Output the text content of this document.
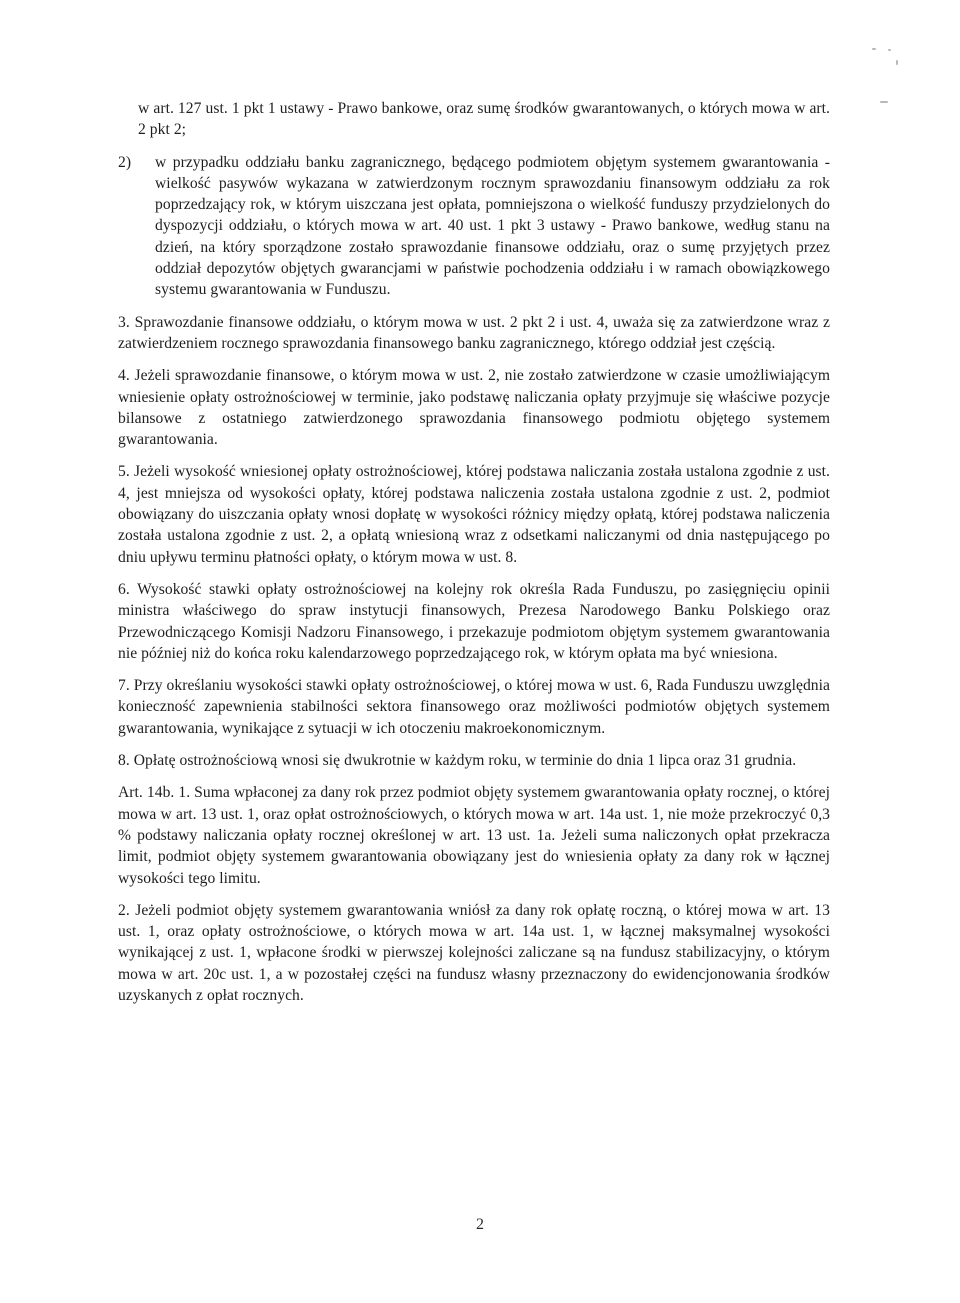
w art. 127 ust. 1 pkt 1 ustawy - Prawo bankowe, oraz sumę środków gwarantowanych, o których mowa w art. 2 pkt 2;

2)	w przypadku oddziału banku zagranicznego, będącego podmiotem objętym systemem gwarantowania - wielkość pasywów wykazana w zatwierdzonym rocznym sprawozdaniu finansowym oddziału za rok poprzedzający rok, w którym uiszczana jest opłata, pomniejszona o wielkość funduszy przydzielonych do dyspozycji oddziału, o których mowa w art. 40 ust. 1 pkt 3 ustawy - Prawo bankowe, według stanu na dzień, na który sporządzone zostało sprawozdanie finansowe oddziału, oraz o sumę przyjętych przez oddział depozytów objętych gwarancjami w państwie pochodzenia oddziału i w ramach obowiązkowego systemu gwarantowania w Funduszu.

3. Sprawozdanie finansowe oddziału, o którym mowa w ust. 2 pkt 2 i ust. 4, uważa się za zatwierdzone wraz z zatwierdzeniem rocznego sprawozdania finansowego banku zagranicznego, którego oddział jest częścią.

4. Jeżeli sprawozdanie finansowe, o którym mowa w ust. 2, nie zostało zatwierdzone w czasie umożliwiającym wniesienie opłaty ostrożnościowej w terminie, jako podstawę naliczania opłaty przyjmuje się właściwe pozycje bilansowe z ostatniego zatwierdzonego sprawozdania finansowego podmiotu objętego systemem gwarantowania.

5. Jeżeli wysokość wniesionej opłaty ostrożnościowej, której podstawa naliczania została ustalona zgodnie z ust. 4, jest mniejsza od wysokości opłaty, której podstawa naliczenia została ustalona zgodnie z ust. 2, podmiot obowiązany do uiszczania opłaty wnosi dopłatę w wysokości różnicy między opłatą, której podstawa naliczenia została ustalona zgodnie z ust. 2, a opłatą wniesioną wraz z odsetkami naliczanymi od dnia następującego po dniu upływu terminu płatności opłaty, o którym mowa w ust. 8.

6. Wysokość stawki opłaty ostrożnościowej na kolejny rok określa Rada Funduszu, po zasięgnięciu opinii ministra właściwego do spraw instytucji finansowych, Prezesa Narodowego Banku Polskiego oraz Przewodniczącego Komisji Nadzoru Finansowego, i przekazuje podmiotom objętym systemem gwarantowania nie później niż do końca roku kalendarzowego poprzedzającego rok, w którym opłata ma być wniesiona.

7. Przy określaniu wysokości stawki opłaty ostrożnościowej, o której mowa w ust. 6, Rada Funduszu uwzględnia konieczność zapewnienia stabilności sektora finansowego oraz możliwości podmiotów objętych systemem gwarantowania, wynikające z sytuacji w ich otoczeniu makroekonomicznym.

8. Opłatę ostrożnościową wnosi się dwukrotnie w każdym roku, w terminie do dnia 1 lipca oraz 31 grudnia.

Art. 14b. 1. Suma wpłaconej za dany rok przez podmiot objęty systemem gwarantowania opłaty rocznej, o której mowa w art. 13 ust. 1, oraz opłat ostrożnościowych, o których mowa w art. 14a ust. 1, nie może przekroczyć 0,3 % podstawy naliczania opłaty rocznej określonej w art. 13 ust. 1a. Jeżeli suma naliczonych opłat przekracza limit, podmiot objęty systemem gwarantowania obowiązany jest do wniesienia opłaty za dany rok w łącznej wysokości tego limitu.

2. Jeżeli podmiot objęty systemem gwarantowania wniósł za dany rok opłatę roczną, o której mowa w art. 13 ust. 1, oraz opłaty ostrożnościowe, o których mowa w art. 14a ust. 1, w łącznej maksymalnej wysokości wynikającej z ust. 1, wpłacone środki w pierwszej kolejności zaliczane są na fundusz stabilizacyjny, o którym mowa w art. 20c ust. 1, a w pozostałej części na fundusz własny przeznaczony do ewidencjonowania środków uzyskanych z opłat rocznych.

2
